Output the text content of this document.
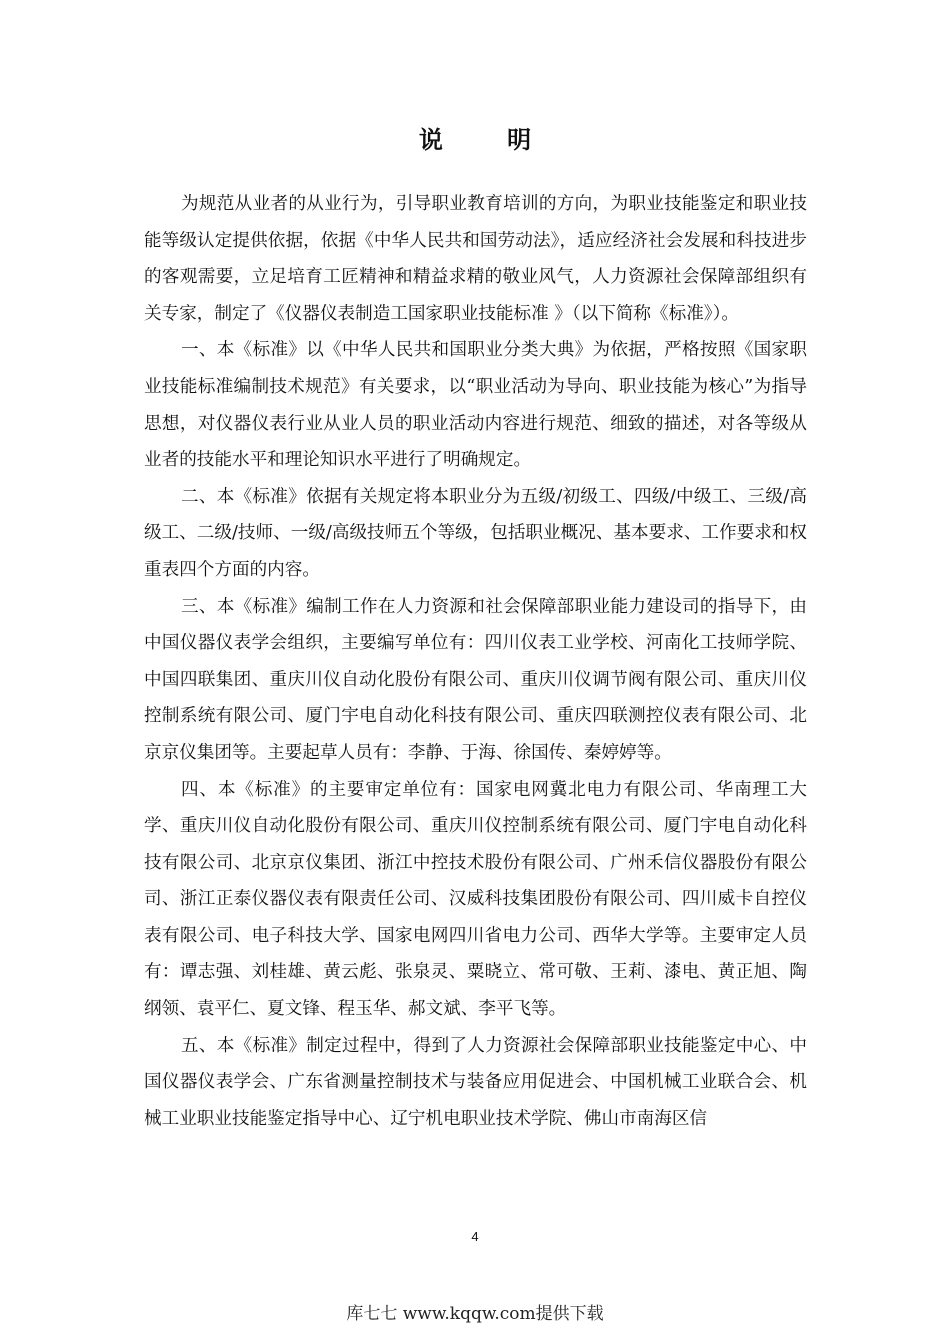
说 明

为规范从业者的从业行为，引导职业教育培训的方向，为职业技能鉴定和职业技能等级认定提供依据，依据《中华人民共和国劳动法》，适应经济社会发展和科技进步的客观需要，立足培育工匠精神和精益求精的敬业风气，人力资源社会保障部组织有关专家，制定了《仪器仪表制造工国家职业技能标准 》（以下简称《标准》）。

一、本《标准》以《中华人民共和国职业分类大典》为依据，严格按照《国家职业技能标准编制技术规范》有关要求，以“职业活动为导向、职业技能为核心”为指导思想，对仪器仪表行业从业人员的职业活动内容进行规范、细致的描述，对各等级从业者的技能水平和理论知识水平进行了明确规定。

二、本《标准》依据有关规定将本职业分为五级/初级工、四级/中级工、三级/高级工、二级/技师、一级/高级技师五个等级，包括职业概况、基本要求、工作要求和权重表四个方面的内容。

三、本《标准》编制工作在人力资源和社会保障部职业能力建设司的指导下，由中国仪器仪表学会组织，主要编写单位有：四川仪表工业学校、河南化工技师学院、中国四联集团、重庆川仪自动化股份有限公司、重庆川仪调节阀有限公司、重庆川仪控制系统有限公司、厦门宇电自动化科技有限公司、重庆四联测控仪表有限公司、北京京仪集团等。主要起草人员有：李静、于海、徐国传、秦婷婷等。

四、本《标准》的主要审定单位有：国家电网冀北电力有限公司、华南理工大学、重庆川仪自动化股份有限公司、重庆川仪控制系统有限公司、厦门宇电自动化科技有限公司、北京京仪集团、浙江中控技术股份有限公司、广州禾信仪器股份有限公司、浙江正泰仪器仪表有限责任公司、汉威科技集团股份有限公司、四川威卡自控仪表有限公司、电子科技大学、国家电网四川省电力公司、西华大学等。主要审定人员有：谭志强、刘桂雄、黄云彪、张泉灵、粟晓立、常可敬、王莉、漆电、黄正旭、陶纲领、袁平仁、夏文锋、程玉华、郝文斌、李平飞等。

五、本《标准》制定过程中，得到了人力资源社会保障部职业技能鉴定中心、中国仪器仪表学会、广东省测量控制技术与装备应用促进会、中国机械工业联合会、机械工业职业技能鉴定指导中心、辽宁机电职业技术学院、佛山市南海区信

4
库七七 www.kqqw.com提供下载
